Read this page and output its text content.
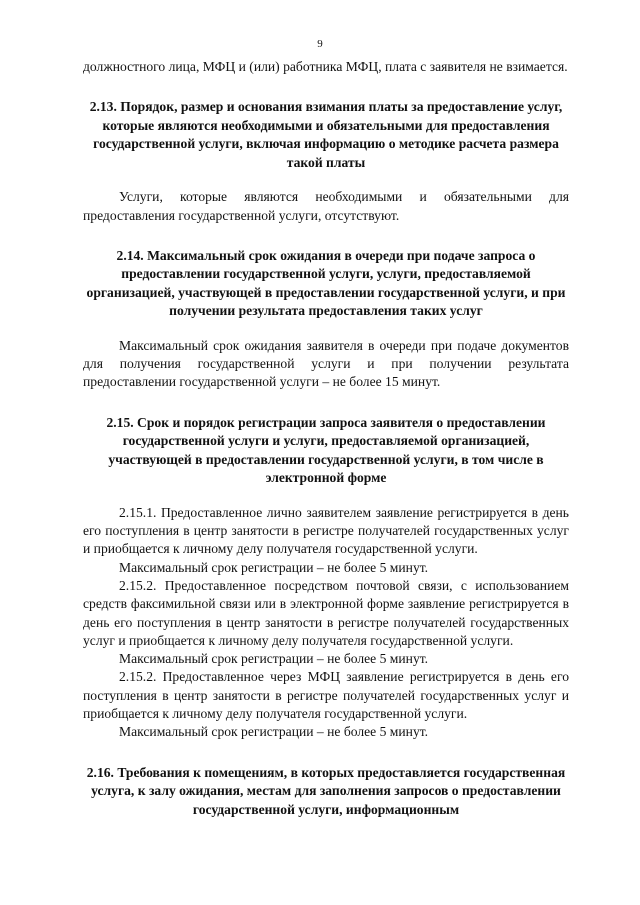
9

должностного лица, МФЦ и (или) работника МФЦ, плата с заявителя не взимается.

2.13. Порядок, размер и основания взимания платы за предоставление услуг, которые являются необходимыми и обязательными для предоставления государственной услуги, включая информацию о методике расчета размера такой платы

Услуги, которые являются необходимыми и обязательными для предоставления государственной услуги, отсутствуют.

2.14. Максимальный срок ожидания в очереди при подаче запроса о предоставлении государственной услуги, услуги, предоставляемой организацией, участвующей в предоставлении государственной услуги, и при получении результата предоставления таких услуг

Максимальный срок ожидания заявителя в очереди при подаче документов для получения государственной услуги и при получении результата предоставлении государственной услуги – не более 15 минут.

2.15. Срок и порядок регистрации запроса заявителя о предоставлении государственной услуги и услуги, предоставляемой организацией, участвующей в предоставлении государственной услуги, в том числе в электронной форме

2.15.1. Предоставленное лично заявителем заявление регистрируется в день его поступления в центр занятости в регистре получателей государственных услуг и приобщается к личному делу получателя государственной услуги.

Максимальный срок регистрации – не более 5 минут.

2.15.2. Предоставленное посредством почтовой связи, с использованием средств факсимильной связи или в электронной форме заявление регистрируется в день его поступления в центр занятости в регистре получателей государственных услуг и приобщается к личному делу получателя государственной услуги.

Максимальный срок регистрации – не более 5 минут.

2.15.2. Предоставленное через МФЦ заявление регистрируется в день его поступления в центр занятости в регистре получателей государственных услуг и приобщается к личному делу получателя государственной услуги.

Максимальный срок регистрации – не более 5 минут.

2.16. Требования к помещениям, в которых предоставляется государственная услуга, к залу ожидания, местам для заполнения запросов о предоставлении государственной услуги, информационным
